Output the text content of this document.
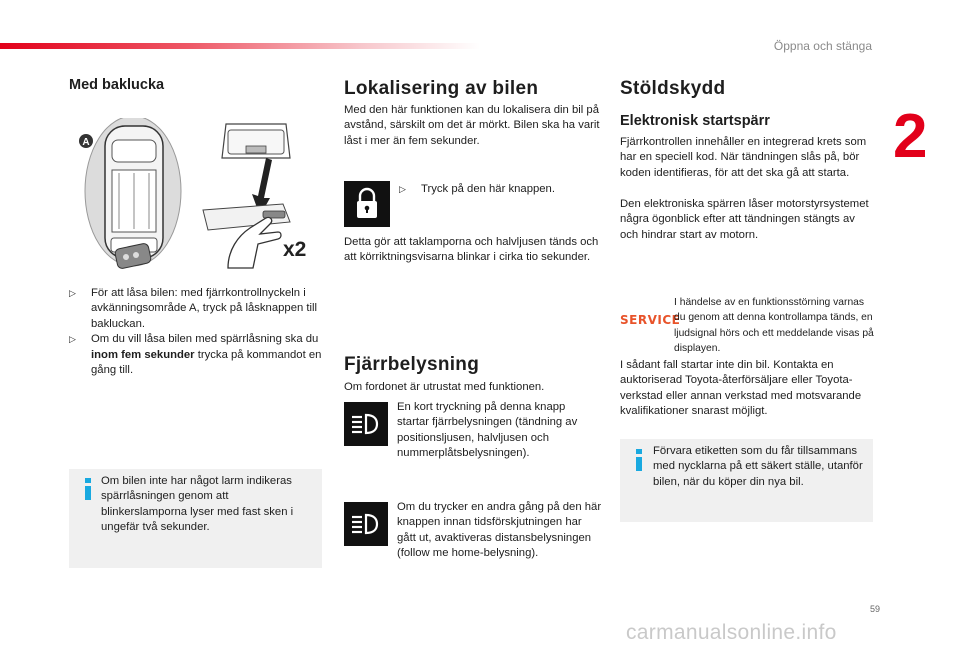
Öppna och stänga
2
Med baklucka
A
x2
▷ För att låsa bilen: med fjärrkontrollnyckeln i avkänningsområde A, tryck på låsknappen till bakluckan.
▷ Om du vill låsa bilen med spärrlåsning ska du inom fem sekunder trycka på kommandot en gång till.
Om bilen inte har något larm indikeras spärrlåsningen genom att blinkerslamporna lyser med fast sken i ungefär två sekunder.
Lokalisering av bilen
Med den här funktionen kan du lokalisera din bil på avstånd, särskilt om det är mörkt. Bilen ska ha varit låst i mer än fem sekunder.
▷ Tryck på den här knappen.
Detta gör att taklamporna och halvljusen tänds och att körriktningsvisarna blinkar i cirka tio sekunder.
Fjärrbelysning
Om fordonet är utrustat med funktionen.
En kort tryckning på denna knapp startar fjärrbelysningen (tändning av positionsljusen, halvljusen och nummerplåtsbelysningen).
Om du trycker en andra gång på den här knappen innan tidsförskjutningen har gått ut, avaktiveras distansbelysningen (follow me home-belysning).
Stöldskydd
Elektronisk startspärr
Fjärrkontrollen innehåller en integrerad krets som har en speciell kod. När tändningen slås på, bör koden identifieras, för att det ska gå att starta.
Den elektroniska spärren låser motorstyrsystemet några ögonblick efter att tändningen stängts av och hindrar start av motorn.
SERVICE
I händelse av en funktionsstörning varnas du genom att denna kontrollampa tänds, en ljudsignal hörs och ett meddelande visas på displayen.
I sådant fall startar inte din bil. Kontakta en auktoriserad Toyota-återförsäljare eller Toyota-verkstad eller annan verkstad med motsvarande kvalifikationer snarast möjligt.
Förvara etiketten som du får tillsammans med nycklarna på ett säkert ställe, utanför bilen, när du köper din nya bil.
59
carmanualsonline.info
